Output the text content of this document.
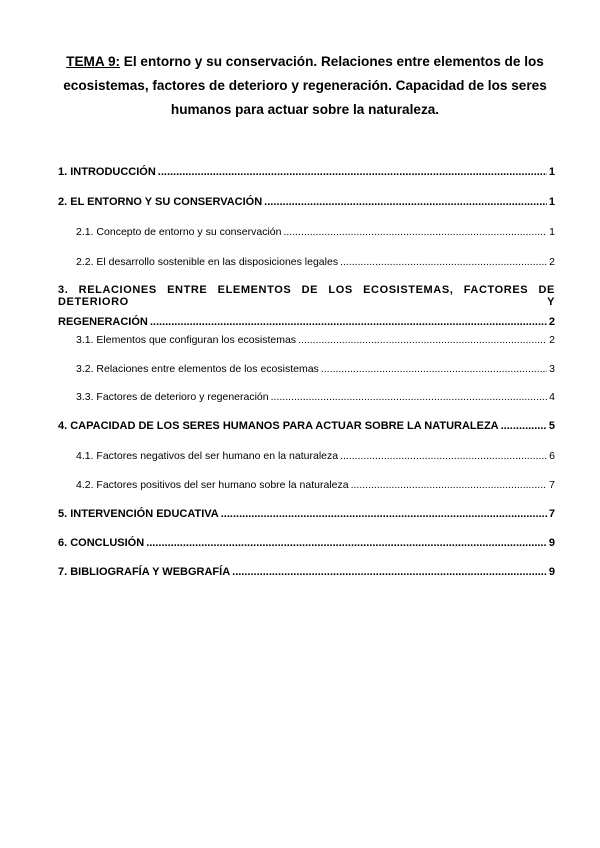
TEMA 9: El entorno y su conservación. Relaciones entre elementos de los ecosistemas, factores de deterioro y regeneración. Capacidad de los seres humanos para actuar sobre la naturaleza.
1. INTRODUCCIÓN .....	1
2. EL ENTORNO Y SU CONSERVACIÓN .....	1
2.1. Concepto de entorno y su conservación .....	1
2.2. El desarrollo sostenible en las disposiciones legales .....	2
3. RELACIONES ENTRE ELEMENTOS DE LOS ECOSISTEMAS, FACTORES DE DETERIORO Y
REGENERACIÓN .....	2
3.1. Elementos que configuran los ecosistemas .....	2
3.2. Relaciones entre elementos de los ecosistemas .....	3
3.3. Factores de deterioro y regeneración .....	4
4. CAPACIDAD DE LOS SERES HUMANOS PARA ACTUAR SOBRE LA NATURALEZA .....	5
4.1. Factores negativos del ser humano en la naturaleza .....	6
4.2. Factores positivos del ser humano sobre la naturaleza .....	7
5. INTERVENCIÓN EDUCATIVA .....	7
6. CONCLUSIÓN .....	9
7. BIBLIOGRAFÍA Y WEBGRAFÍA .....	9
